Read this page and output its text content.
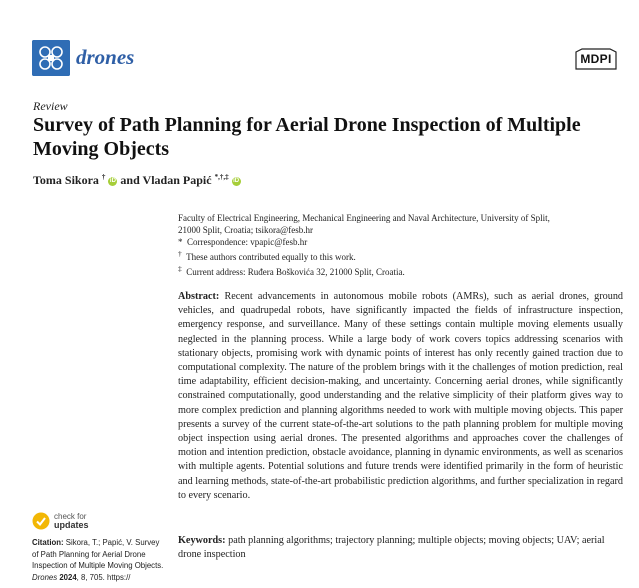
drones	MDPI
Review
Survey of Path Planning for Aerial Drone Inspection of Multiple Moving Objects
Toma Sikora † iD and Vladan Papić *,†,‡ iD
Faculty of Electrical Engineering, Mechanical Engineering and Naval Architecture, University of Split,
21000 Split, Croatia; tsikora@fesb.hr
* Correspondence: vpapic@fesb.hr
† These authors contributed equally to this work.
‡ Current address: Ruđera Boškovića 32, 21000 Split, Croatia.
Abstract: Recent advancements in autonomous mobile robots (AMRs), such as aerial drones, ground vehicles, and quadrupedal robots, have significantly impacted the fields of infrastructure inspection, emergency response, and surveillance. Many of these settings contain multiple moving elements usually neglected in the planning process. While a large body of work covers topics addressing scenarios with stationary objects, promising work with dynamic points of interest has only recently gained traction due to computational complexity. The nature of the problem brings with it the challenges of motion prediction, real time adaptability, efficient decision-making, and uncertainty. Concerning aerial drones, while significantly constrained computationally, good understanding and the relative simplicity of their platform gives way to more complex prediction and planning algorithms needed to work with multiple moving objects. This paper presents a survey of the current state-of-the-art solutions to the path planning problem for multiple moving object inspection using aerial drones. The presented algorithms and approaches cover the challenges of motion and intention prediction, obstacle avoidance, planning in dynamic environments, as well as scenarios with multiple agents. Potential solutions and future trends were identified primarily in the form of heuristic and learning methods, state-of-the-art probabilistic prediction algorithms, and further specialization in regard to every scenario.
Keywords: path planning algorithms; trajectory planning; multiple objects; moving objects; UAV; aerial drone inspection
check for
updates
Citation: Sikora, T.; Papić, V. Survey of Path Planning for Aerial Drone Inspection of Multiple Moving Objects. Drones 2024, 8, 705. https://
